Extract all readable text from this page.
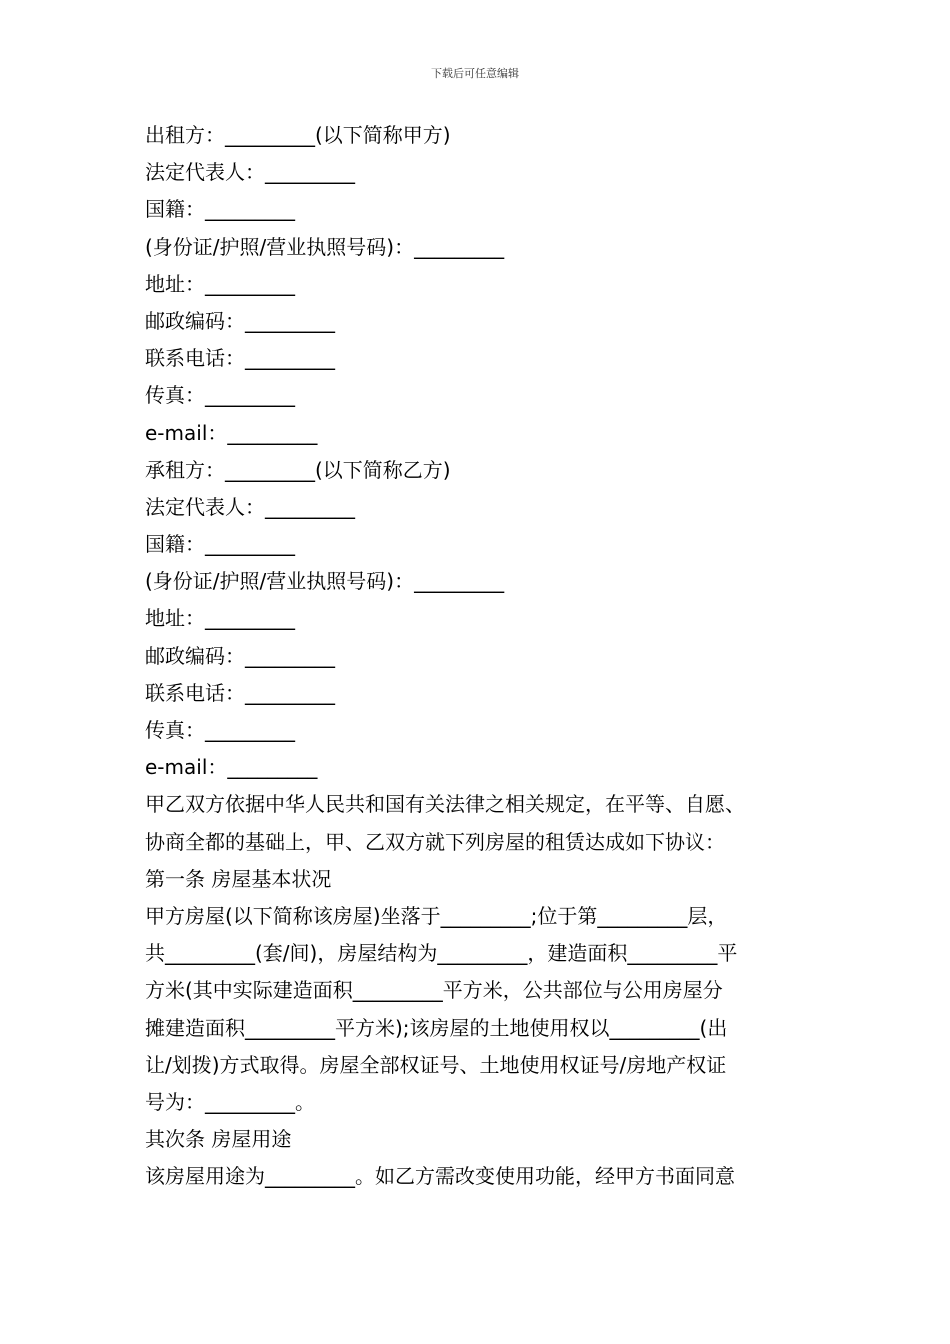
下载后可任意编辑
出租方：_________(以下简称甲方)
法定代表人：_________
国籍：_________
(身份证/护照/营业执照号码)：_________
地址：_________
邮政编码：_________
联系电话：_________
传真：_________
e-mail：_________
承租方：_________(以下简称乙方)
法定代表人：_________
国籍：_________
(身份证/护照/营业执照号码)：_________
地址：_________
邮政编码：_________
联系电话：_________
传真：_________
e-mail：_________
甲乙双方依据中华人民共和国有关法律之相关规定，在平等、自愿、
协商全都的基础上，甲、乙双方就下列房屋的租赁达成如下协议：
第一条 房屋基本状况
甲方房屋(以下简称该房屋)坐落于_________;位于第_________层，
共_________(套/间)，房屋结构为_________，建造面积_________平
方米(其中实际建造面积_________平方米，公共部位与公用房屋分
摊建造面积_________平方米);该房屋的土地使用权以_________(出
让/划拨)方式取得。房屋全部权证号、土地使用权证号/房地产权证
号为：_________。
其次条 房屋用途
该房屋用途为_________。如乙方需改变使用功能，经甲方书面同意
